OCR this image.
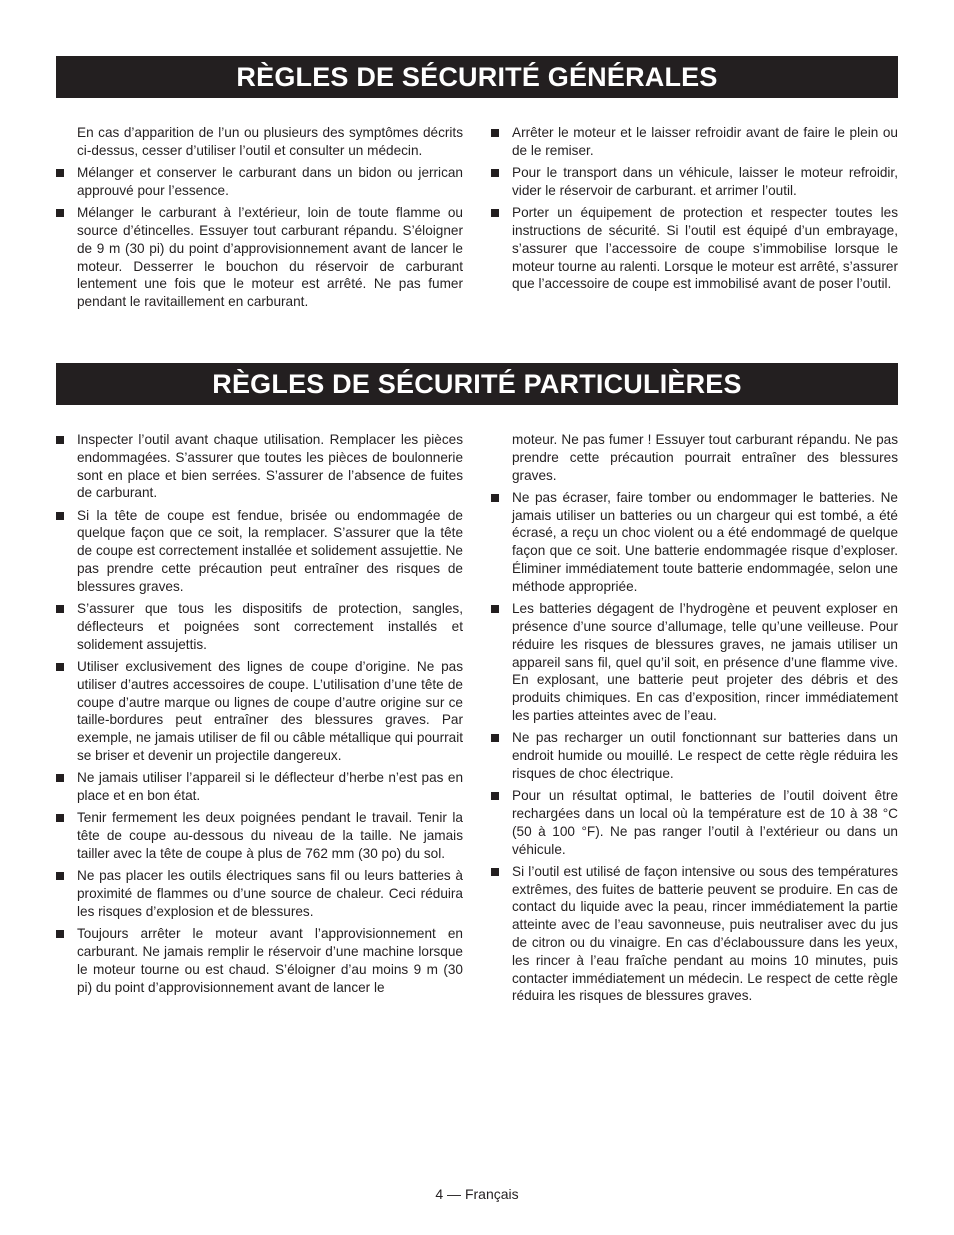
RÈGLES DE SÉCURITÉ GÉNÉRALES
En cas d’apparition de l’un ou plusieurs des symptômes décrits ci-dessus, cesser d’utiliser l’outil et consulter un médecin.
Mélanger et conserver le carburant dans un bidon ou jerrican approuvé pour l’essence.
Mélanger le carburant à l’extérieur, loin de toute flamme ou source d’étincelles. Essuyer tout carburant répandu. S’éloigner de 9 m (30 pi) du point d’approvisionnement avant de lancer le moteur. Desserrer le bouchon du réservoir de carburant lentement une fois que le moteur est arrêté. Ne pas fumer pendant le ravitaillement en carburant.
Arrêter le moteur et le laisser refroidir avant de faire le plein ou de le remiser.
Pour le transport dans un véhicule, laisser le moteur refroidir, vider le réservoir de carburant. et arrimer l’outil.
Porter un équipement de protection et respecter toutes les instructions de sécurité. Si l’outil est équipé d’un embrayage, s’assurer que l’accessoire de coupe s’immobilise lorsque le moteur tourne au ralenti. Lorsque le moteur est arrêté, s’assurer que l’accessoire de coupe est immobilisé avant de poser l’outil.
RÈGLES DE SÉCURITÉ PARTICULIÈRES
Inspecter l’outil avant chaque utilisation. Remplacer les pièces endommagées. S’assurer que toutes les pièces de boulonnerie sont en place et bien serrées. S’assurer de l’absence de fuites de carburant.
Si la tête de coupe est fendue, brisée ou endommagée de quelque façon que ce soit, la remplacer. S’assurer que la tête de coupe est correctement installée et solidement assujettie. Ne pas prendre cette précaution peut entraîner des risques de blessures graves.
S’assurer que tous les dispositifs de protection, sangles, déflecteurs et poignées sont correctement installés et solidement assujettis.
Utiliser exclusivement des lignes de coupe d’origine. Ne pas utiliser d’autres accessoires de coupe. L’utilisation d’une tête de coupe d’autre marque ou lignes de coupe d’autre origine sur ce taille-bordures peut entraîner des blessures graves. Par exemple, ne jamais utiliser de fil ou câble métallique qui pourrait se briser et devenir un projectile dangereux.
Ne jamais utiliser l’appareil si le déflecteur d’herbe n’est pas en place et en bon état.
Tenir fermement les deux poignées pendant le travail. Tenir la tête de coupe au-dessous du niveau de la taille. Ne jamais tailler avec la tête de coupe à plus de 762 mm (30 po) du sol.
Ne pas placer les outils électriques sans fil ou leurs batteries à proximité de flammes ou d’une source de chaleur. Ceci réduira les risques d’explosion et de blessures.
Toujours arrêter le moteur avant l’approvisionnement en carburant. Ne jamais remplir le réservoir d’une machine lorsque le moteur tourne ou est chaud. S’éloigner d’au moins 9 m (30 pi) du point d’approvisionnement avant de lancer le
moteur. Ne pas fumer ! Essuyer tout carburant répandu. Ne pas prendre cette précaution pourrait entraîner des blessures graves.
Ne pas écraser, faire tomber ou endommager le batteries. Ne jamais utiliser un batteries ou un chargeur qui est tombé, a été écrasé, a reçu un choc violent ou a été endommagé de quelque façon que ce soit. Une batterie endommagée risque d’exploser. Éliminer immédiatement toute batterie endommagée, selon une méthode appropriée.
Les batteries dégagent de l’hydrogène et peuvent exploser en présence d’une source d’allumage, telle qu’une veilleuse. Pour réduire les risques de blessures graves, ne jamais utiliser un appareil sans fil, quel qu’il soit, en présence d’une flamme vive. En explosant, une batterie peut projeter des débris et des produits chimiques. En cas d’exposition, rincer immédiatement les parties atteintes avec de l’eau.
Ne pas recharger un outil fonctionnant sur batteries dans un endroit humide ou mouillé. Le respect de cette règle réduira les risques de choc électrique.
Pour un résultat optimal, le batteries de l’outil doivent être rechargées dans un local où la température est de 10 à 38 °C (50 à 100 °F). Ne pas ranger l’outil à l’extérieur ou dans un véhicule.
Si l’outil est utilisé de façon intensive ou sous des températures extrêmes, des fuites de batterie peuvent se produire. En cas de contact du liquide avec la peau, rincer immédiatement la partie atteinte avec de l’eau savonneuse, puis neutraliser avec du jus de citron ou du vinaigre. En cas d’éclaboussure dans les yeux, les rincer à l’eau fraîche pendant au moins 10 minutes, puis contacter immédiatement un médecin. Le respect de cette règle réduira les risques de blessures graves.
4 — Français
